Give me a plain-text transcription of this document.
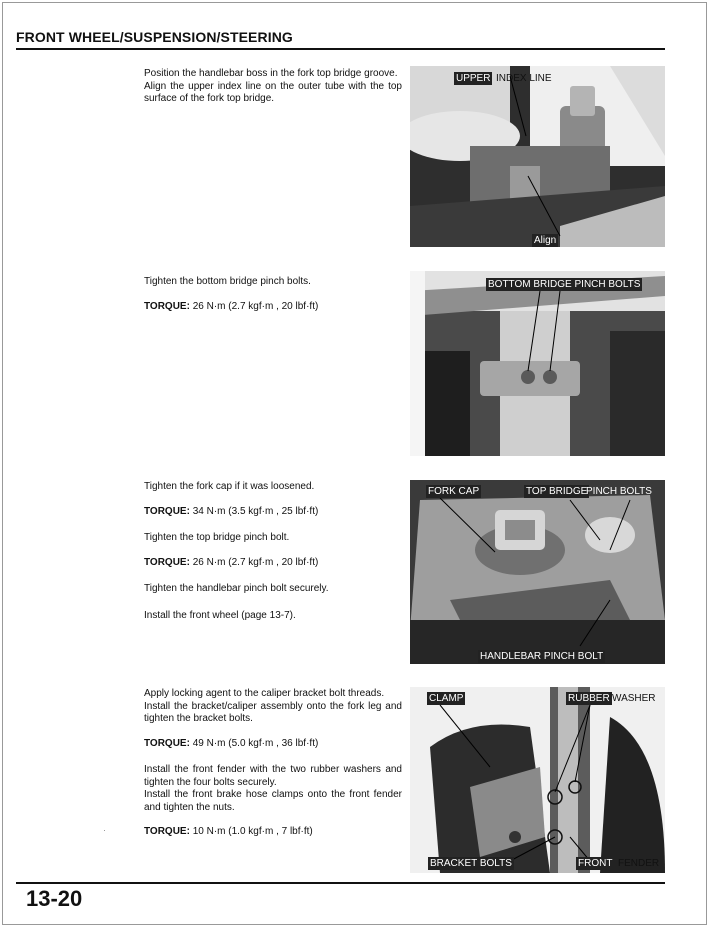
FRONT WHEEL/SUSPENSION/STEERING

Position the handlebar boss in the fork top bridge groove.

Align the upper index line on the outer tube with the top surface of the fork top bridge.

UPPER INDEX LINE
Align

Tighten the bottom bridge pinch bolts.

TORQUE: 26 N·m (2.7 kgf·m , 20 lbf·ft)

BOTTOM BRIDGE PINCH BOLTS

Tighten the fork cap if it was loosened.

TORQUE: 34 N·m (3.5 kgf·m , 25 lbf·ft)

Tighten the top bridge pinch bolt.

TORQUE: 26 N·m (2.7 kgf·m , 20 lbf·ft)

Tighten the handlebar pinch bolt securely.

Install the front wheel (page 13-7).

FORK CAP	TOP BRIDGE
PINCH BOLTS
HANDLEBAR PINCH BOLT

Apply locking agent to the caliper bracket bolt threads.

Install the bracket/caliper assembly onto the fork leg and tighten the bracket bolts.

TORQUE: 49 N·m (5.0 kgf·m , 36 lbf·ft)

Install the front fender with the two rubber washers and tighten the four bolts securely.

Install the front brake hose clamps onto the front fender and tighten the nuts.

TORQUE: 10 N·m (1.0 kgf·m , 7 lbf·ft)

CLAMP	RUBBER WASHER
BRACKET BOLTS	FRONT FENDER
13-20
